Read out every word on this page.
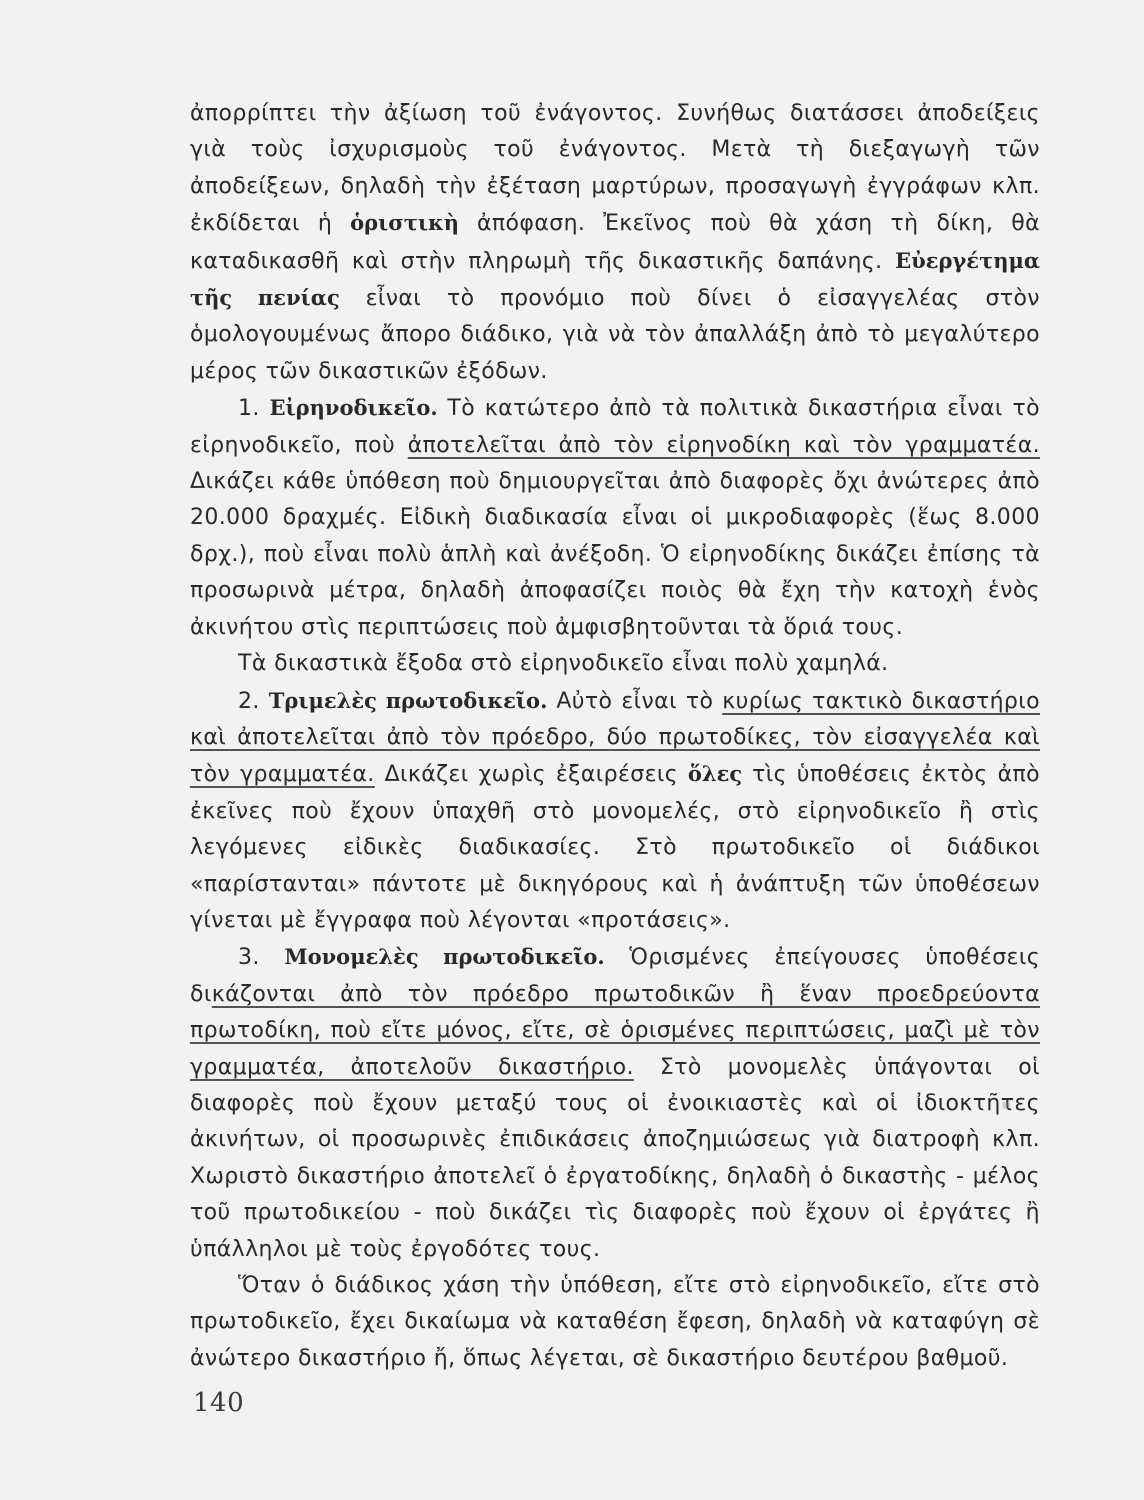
ἀπορρίπτει τὴν ἀξίωση τοῦ ἐνάγοντος. Συνήθως διατάσσει ἀποδείξεις γιὰ τοὺς ἰσχυρισμοὺς τοῦ ἐνάγοντος. Μετὰ τὴ διεξαγωγὴ τῶν ἀποδείξεων, δηλαδὴ τὴν ἐξέταση μαρτύρων, προσαγωγὴ ἐγγράφων κλπ. ἐκδίδεται ἡ ὁριστικὴ ἀπόφαση. Ἐκεῖνος ποὺ θὰ χάση τὴ δίκη, θὰ καταδικασθῆ καὶ στὴν πληρωμὴ τῆς δικαστικῆς δαπάνης. Εὐεργέτημα τῆς πενίας εἶναι τὸ προνόμιο ποὺ δίνει ὁ εἰσαγγελέας στὸν ὁμολογουμένως ἄπορο διάδικο, γιὰ νὰ τὸν ἀπαλλάξη ἀπὸ τὸ μεγαλύτερο μέρος τῶν δικαστικῶν ἐξόδων.

1. Εἰρηνοδικεῖο. Τὸ κατώτερο ἀπὸ τὰ πολιτικὰ δικαστήρια εἶναι τὸ εἰρηνοδικεῖο, ποὺ ἀποτελεῖται ἀπὸ τὸν εἰρηνοδίκη καὶ τὸν γραμματέα. Δικάζει κάθε ὑπόθεση ποὺ δημιουργεῖται ἀπὸ διαφορὲς ὄχι ἀνώτερες ἀπὸ 20.000 δραχμές. Εἰδικὴ διαδικασία εἶναι οἱ μικροδιαφορὲς (ἕως 8.000 δρχ.), ποὺ εἶναι πολὺ ἁπλὴ καὶ ἀνέξοδη. Ὁ εἰρηνοδίκης δικάζει ἐπίσης τὰ προσωρινὰ μέτρα, δηλαδὴ ἀποφασίζει ποιὸς θὰ ἔχη τὴν κατοχὴ ἑνὸς ἀκινήτου στὶς περιπτώσεις ποὺ ἀμφισβητοῦνται τὰ ὅριά τους.

Τὰ δικαστικὰ ἔξοδα στὸ εἰρηνοδικεῖο εἶναι πολὺ χαμηλά.

2. Τριμελὲς πρωτοδικεῖο. Αὐτὸ εἶναι τὸ κυρίως τακτικὸ δικαστήριο καὶ ἀποτελεῖται ἀπὸ τὸν πρόεδρο, δύο πρωτοδίκες, τὸν εἰσαγγελέα καὶ τὸν γραμματέα. Δικάζει χωρὶς ἐξαιρέσεις ὅλες τὶς ὑποθέσεις ἐκτὸς ἀπὸ ἐκεῖνες ποὺ ἔχουν ὑπαχθῆ στὸ μονομελές, στὸ εἰρηνοδικεῖο ἢ στὶς λεγόμενες εἰδικὲς διαδικασίες. Στὸ πρωτοδικεῖο οἱ διάδικοι «παρίστανται» πάντοτε μὲ δικηγόρους καὶ ἡ ἀνάπτυξη τῶν ὑποθέσεων γίνεται μὲ ἔγγραφα ποὺ λέγονται «προτάσεις».

3. Μονομελὲς πρωτοδικεῖο. Ὁρισμένες ἐπείγουσες ὑποθέσεις δικάζονται ἀπὸ τὸν πρόεδρο πρωτοδικῶν ἢ ἕναν προεδρεύοντα πρωτοδίκη, ποὺ εἴτε μόνος, εἴτε, σὲ ὁρισμένες περιπτώσεις, μαζὶ μὲ τὸν γραμματέα, ἀποτελοῦν δικαστήριο. Στὸ μονομελὲς ὑπάγονται οἱ διαφορὲς ποὺ ἔχουν μεταξύ τους οἱ ἐνοικιαστὲς καὶ οἱ ἰδιοκτῆτες ἀκινήτων, οἱ προσωρινὲς ἐπιδικάσεις ἀποζημιώσεως γιὰ διατροφὴ κλπ. Χωριστὸ δικαστήριο ἀποτελεῖ ὁ ἐργατοδίκης, δηλαδὴ ὁ δικαστὴς - μέλος τοῦ πρωτοδικείου - ποὺ δικάζει τὶς διαφορὲς ποὺ ἔχουν οἱ ἐργάτες ἢ ὑπάλληλοι μὲ τοὺς ἐργοδότες τους.

Ὅταν ὁ διάδικος χάση τὴν ὑπόθεση, εἴτε στὸ εἰρηνοδικεῖο, εἴτε στὸ πρωτοδικεῖο, ἔχει δικαίωμα νὰ καταθέση ἔφεση, δηλαδὴ νὰ καταφύγη σὲ ἀνώτερο δικαστήριο ἤ, ὅπως λέγεται, σὲ δικαστήριο δευτέρου βαθμοῦ.

140
